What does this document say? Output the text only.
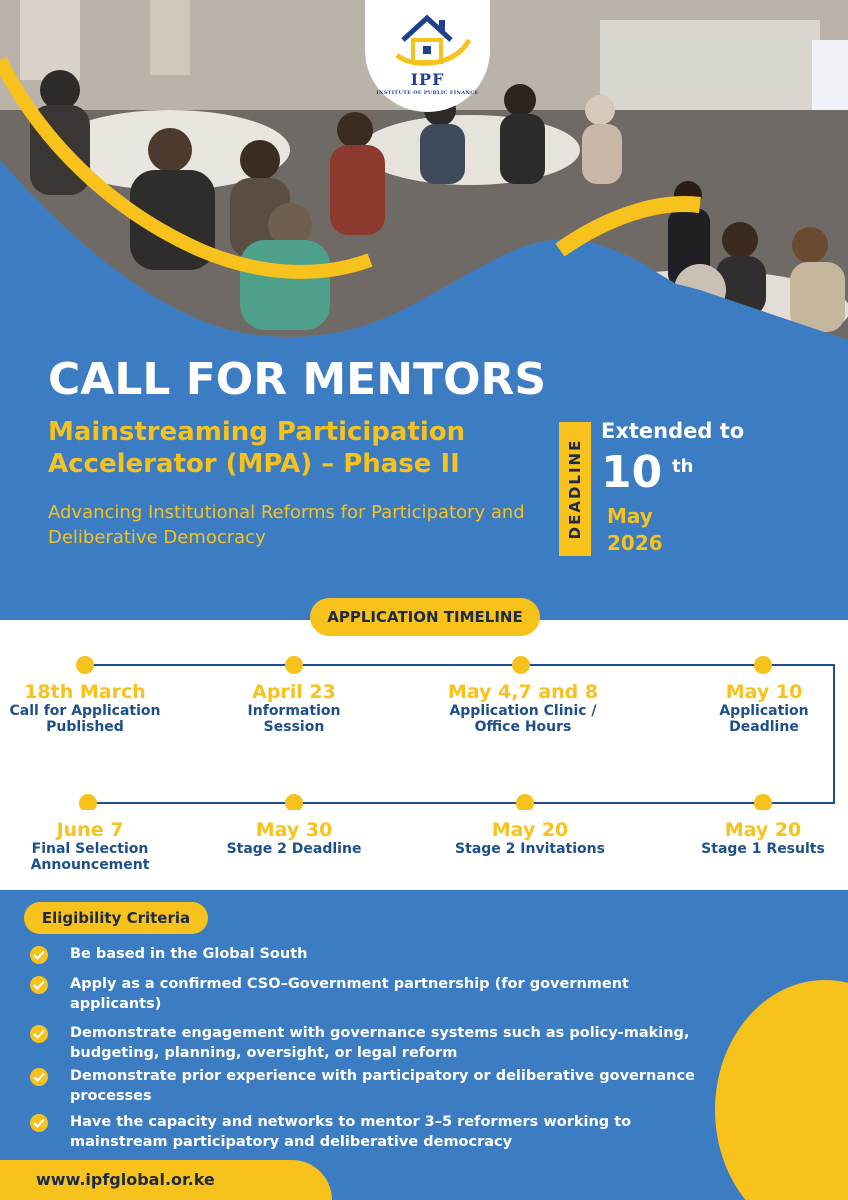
IPF
INSTITUTE OF PUBLIC FINANCE
CALL FOR MENTORS
Mainstreaming Participation Accelerator (MPA) – Phase II
Advancing Institutional Reforms for Participatory and Deliberative Democracy	DEADLINE
Extended to
10 th
May
2026
APPLICATION TIMELINE
18th March
Call for Application
Published
April 23
Information
Session
May 4,7 and 8
Application Clinic /
Office Hours
May 10
Application
Deadline
June 7
Final Selection
Announcement
May 30
Stage 2 Deadline
May 20
Stage 2 Invitations
May 20
Stage 1 Results
Eligibility Criteria
Be based in the Global South
Apply as a confirmed CSO–Government partnership (for government applicants)
Demonstrate engagement with governance systems such as policy-making, budgeting, planning, oversight, or legal reform
Demonstrate prior experience with participatory or deliberative governance processes
Have the capacity and networks to mentor 3–5 reformers working to mainstream participatory and deliberative democracy
www.ipfglobal.or.ke
